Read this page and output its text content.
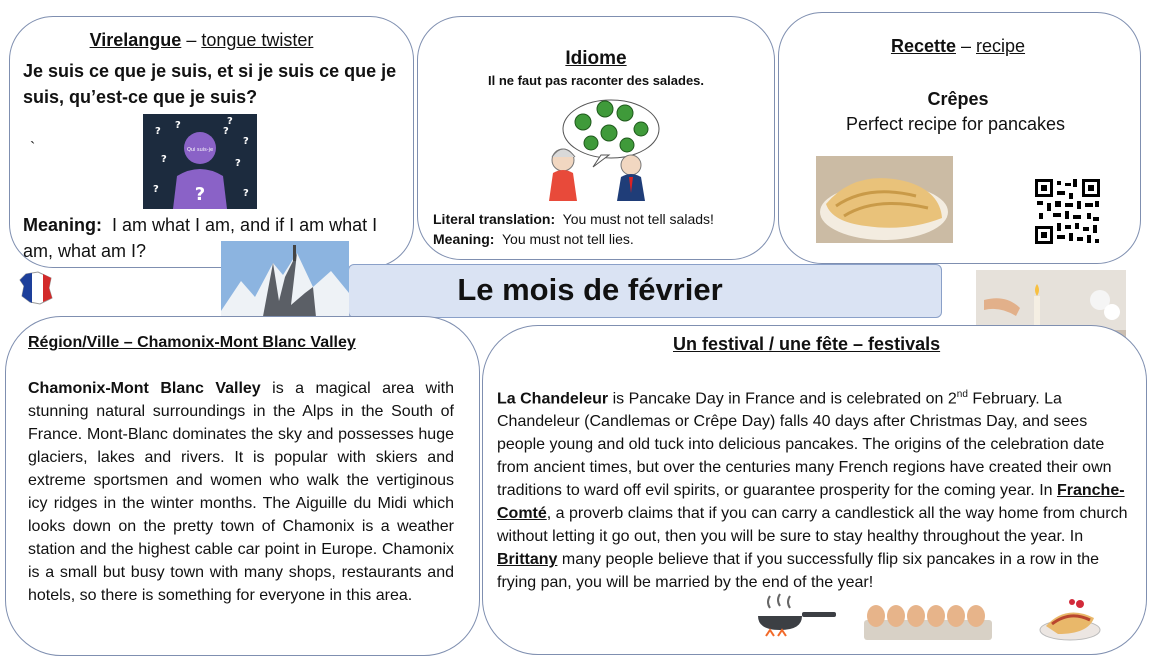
Virelangue – tongue twister
Je suis ce que je suis, et si je suis ce que je suis, qu’est-ce que je suis?
`
?
?
?
?
?	?
?	?
?
Qui suis-je
?
Meaning: I am what I am, and if I am what I am, what am I?
Idiome
Il ne faut pas raconter des salades.
Literal translation: You must not tell salads!
Meaning: You must not tell lies.
Recette – recipe
Crêpes
Perfect recipe for pancakes
Le mois de février
Région/Ville – Chamonix-Mont Blanc Valley
Chamonix-Mont Blanc Valley is a magical area with stunning natural surroundings in the Alps in the South of France. Mont-Blanc dominates the sky and possesses huge glaciers, lakes and rivers. It is popular with skiers and extreme sportsmen and women who walk the vertiginous icy ridges in the winter months. The Aiguille du Midi which looks down on the pretty town of Chamonix is a weather station and the highest cable car point in Europe. Chamonix is a small but busy town with many shops, restaurants and hotels, so there is something for everyone in this area.
Un festival / une fête – festivals
La Chandeleur is Pancake Day in France and is celebrated on 2nd February. La Chandeleur (Candlemas or Crêpe Day) falls 40 days after Christmas Day, and sees people young and old tuck into delicious pancakes. The origins of the celebration date from ancient times, but over the centuries many French regions have created their own traditions to ward off evil spirits, or guarantee prosperity for the coming year. In Franche-Comté, a proverb claims that if you can carry a candlestick all the way home from church without letting it go out, then you will be sure to stay healthy throughout the year. In Brittany many people believe that if you successfully flip six pancakes in a row in the frying pan, you will be married by the end of the year!
